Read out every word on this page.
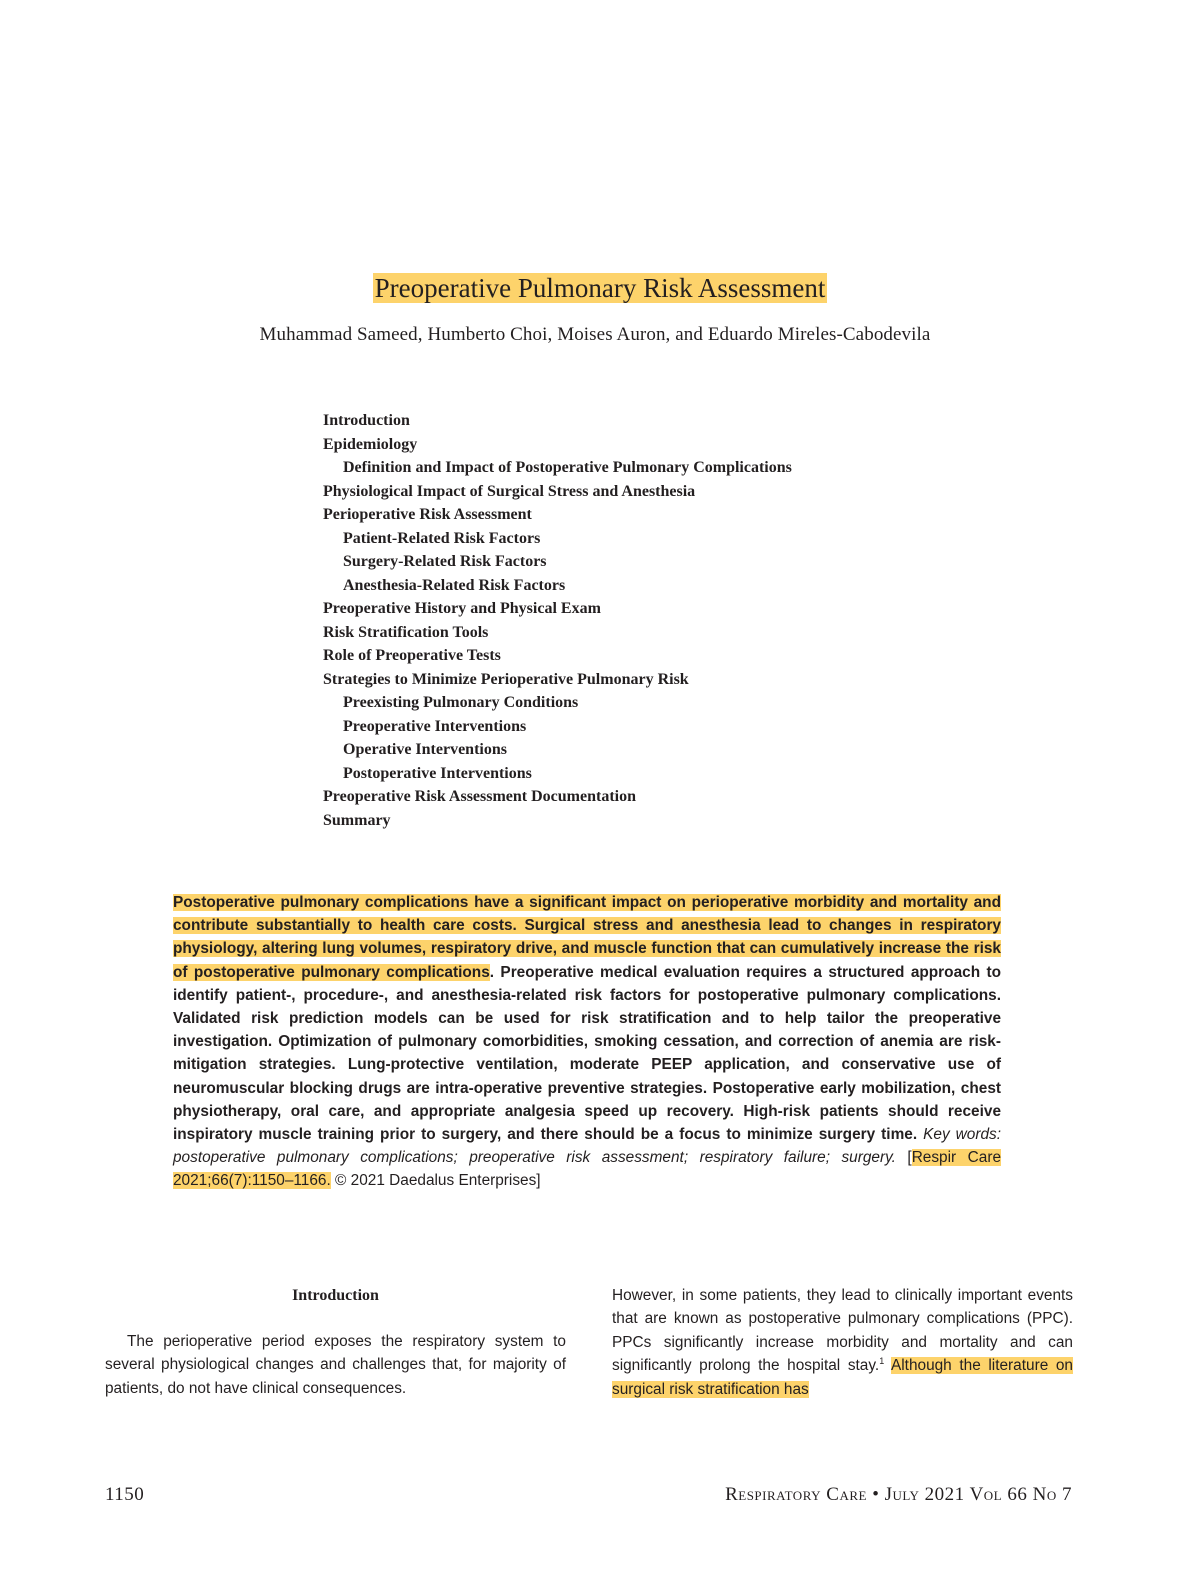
Preoperative Pulmonary Risk Assessment
Muhammad Sameed, Humberto Choi, Moises Auron, and Eduardo Mireles-Cabodevila
Introduction
Epidemiology
Definition and Impact of Postoperative Pulmonary Complications
Physiological Impact of Surgical Stress and Anesthesia
Perioperative Risk Assessment
Patient-Related Risk Factors
Surgery-Related Risk Factors
Anesthesia-Related Risk Factors
Preoperative History and Physical Exam
Risk Stratification Tools
Role of Preoperative Tests
Strategies to Minimize Perioperative Pulmonary Risk
Preexisting Pulmonary Conditions
Preoperative Interventions
Operative Interventions
Postoperative Interventions
Preoperative Risk Assessment Documentation
Summary
Postoperative pulmonary complications have a significant impact on perioperative morbidity and mortality and contribute substantially to health care costs. Surgical stress and anesthesia lead to changes in respiratory physiology, altering lung volumes, respiratory drive, and muscle function that can cumulatively increase the risk of postoperative pulmonary complications. Preoperative medical evaluation requires a structured approach to identify patient-, procedure-, and anesthesia-related risk factors for postoperative pulmonary complications. Validated risk prediction models can be used for risk stratification and to help tailor the preoperative investigation. Optimization of pulmonary comorbidities, smoking cessation, and correction of anemia are risk-mitigation strategies. Lung-protective ventilation, moderate PEEP application, and conservative use of neuromuscular blocking drugs are intra-operative preventive strategies. Postoperative early mobilization, chest physiotherapy, oral care, and appropriate analgesia speed up recovery. High-risk patients should receive inspiratory muscle training prior to surgery, and there should be a focus to minimize surgery time. Key words: postoperative pulmonary complications; preoperative risk assessment; respiratory failure; surgery. [Respir Care 2021;66(7):1150–1166. © 2021 Daedalus Enterprises]
Introduction

The perioperative period exposes the respiratory system to several physiological changes and challenges that, for majority of patients, do not have clinical consequences.

However, in some patients, they lead to clinically important events that are known as postoperative pulmonary complications (PPC). PPCs significantly increase morbidity and mortality and can significantly prolong the hospital stay.$^1$ Although the literature on surgical risk stratification has

1150	Respiratory Care • July 2021 Vol 66 No 7
